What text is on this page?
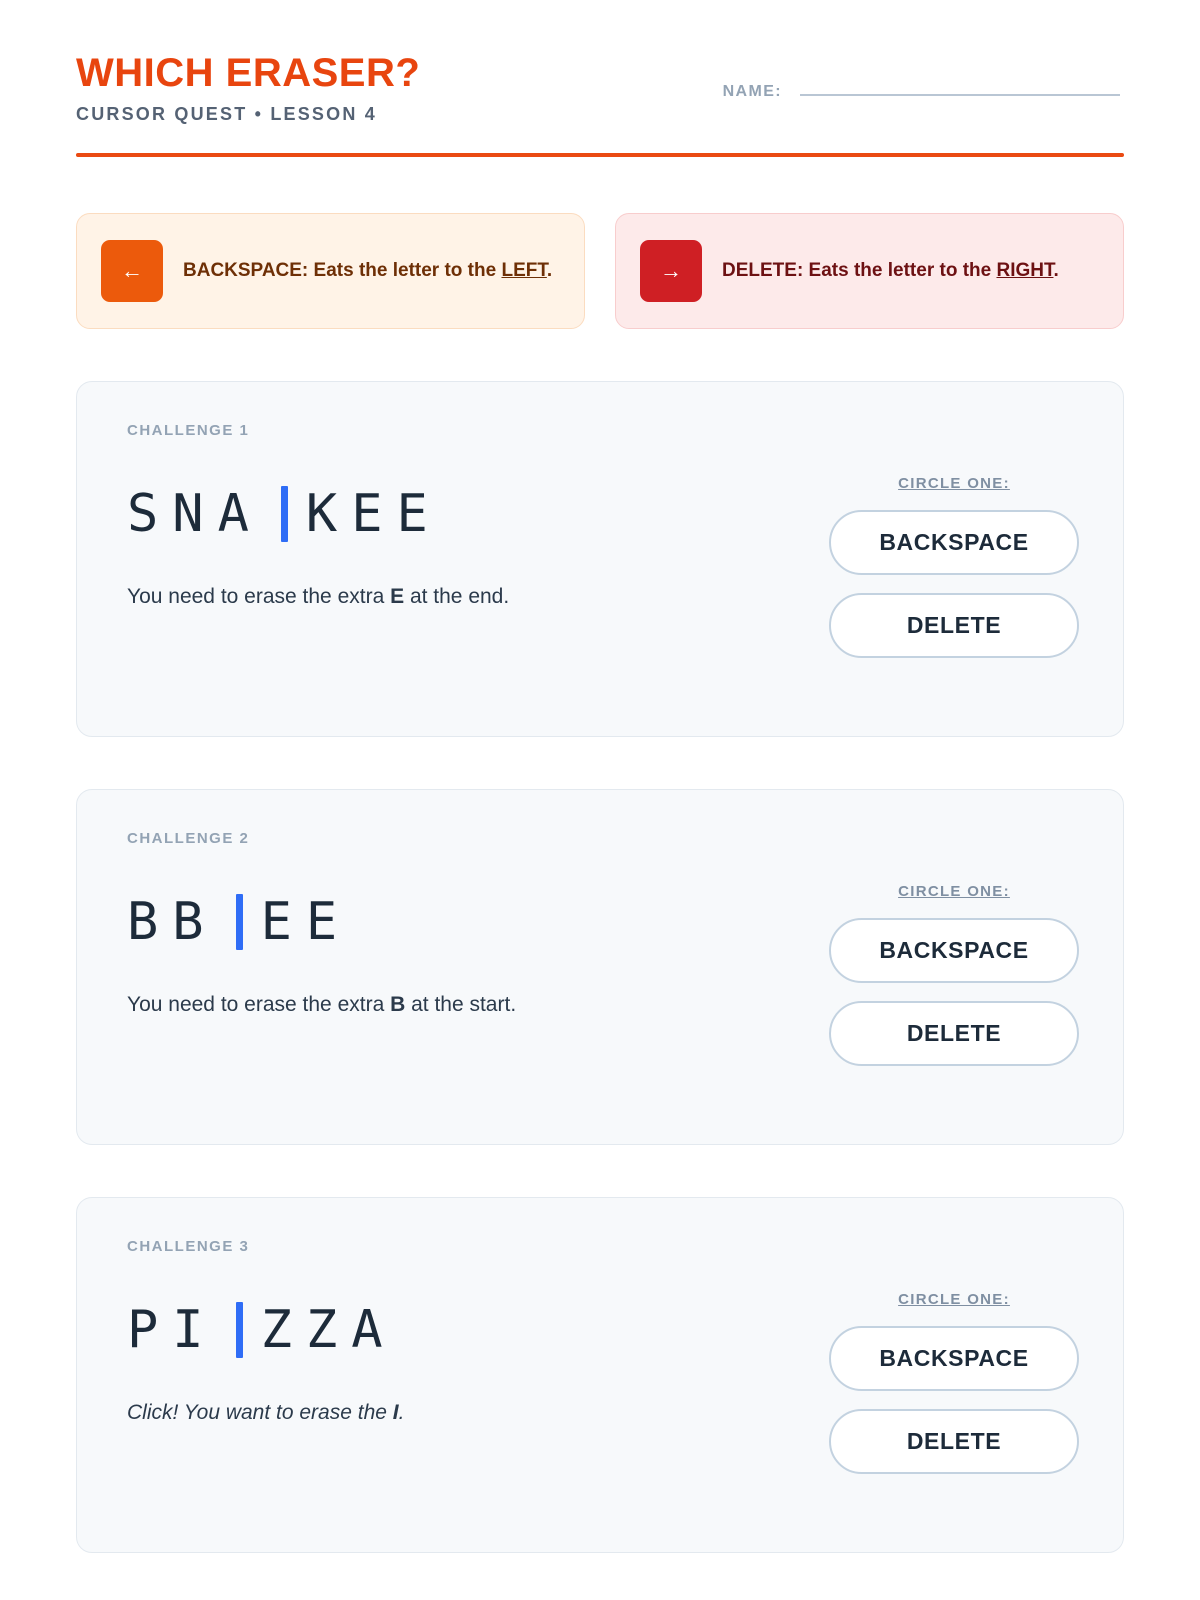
WHICH ERASER?
CURSOR QUEST • LESSON 4
NAME:
←	BACKSPACE: Eats the letter to the LEFT.	→	DELETE: Eats the letter to the RIGHT.
CHALLENGE 1
SNA KEE
You need to erase the extra E at the end.
CIRCLE ONE:
BACKSPACE
DELETE
CHALLENGE 2
BB EE
You need to erase the extra B at the start.
CIRCLE ONE:
BACKSPACE
DELETE
CHALLENGE 3
PI ZZA
Click! You want to erase the I.
CIRCLE ONE:
BACKSPACE
DELETE
